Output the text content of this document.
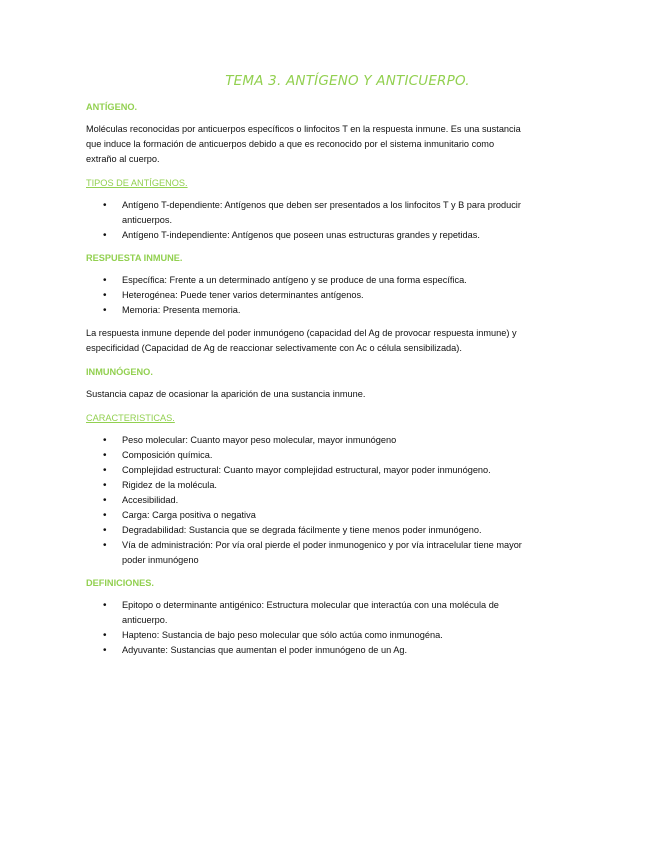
TEMA 3. ANTÍGENO Y ANTICUERPO.
ANTÍGENO.

Moléculas reconocidas por anticuerpos específicos o linfocitos T en la respuesta inmune. Es una sustancia que induce la formación de anticuerpos debido a que es reconocido por el sistema inmunitario como extraño al cuerpo.

TIPOS DE ANTÍGENOS.
• Antígeno T-dependiente: Antígenos que deben ser presentados a los linfocitos T y B para producir anticuerpos.
• Antígeno T-independiente: Antígenos que poseen unas estructuras grandes y repetidas.
RESPUESTA INMUNE.
• Específica: Frente a un determinado antígeno y se produce de una forma específica.
• Heterogénea: Puede tener varios determinantes antígenos.
• Memoria: Presenta memoria.

La respuesta inmune depende del poder inmunógeno (capacidad del Ag de provocar respuesta inmune) y especificidad (Capacidad de Ag de reaccionar selectivamente con Ac o célula sensibilizada).

INMUNÓGENO.

Sustancia capaz de ocasionar la aparición de una sustancia inmune.

CARACTERISTICAS.
• Peso molecular: Cuanto mayor peso molecular, mayor inmunógeno
• Composición química.
• Complejidad estructural: Cuanto mayor complejidad estructural, mayor poder inmunógeno.
• Rigidez de la molécula.
• Accesibilidad.
• Carga: Carga positiva o negativa
• Degradabilidad: Sustancia que se degrada fácilmente y tiene menos poder inmunógeno.
• Vía de administración: Por vía oral pierde el poder inmunogenico y por vía intracelular tiene mayor poder inmunógeno
DEFINICIONES.
• Epitopo o determinante antigénico: Estructura molecular que interactúa con una molécula de anticuerpo.
• Hapteno: Sustancia de bajo peso molecular que sólo actúa como inmunogéna.
• Adyuvante: Sustancias que aumentan el poder inmunógeno de un Ag.
